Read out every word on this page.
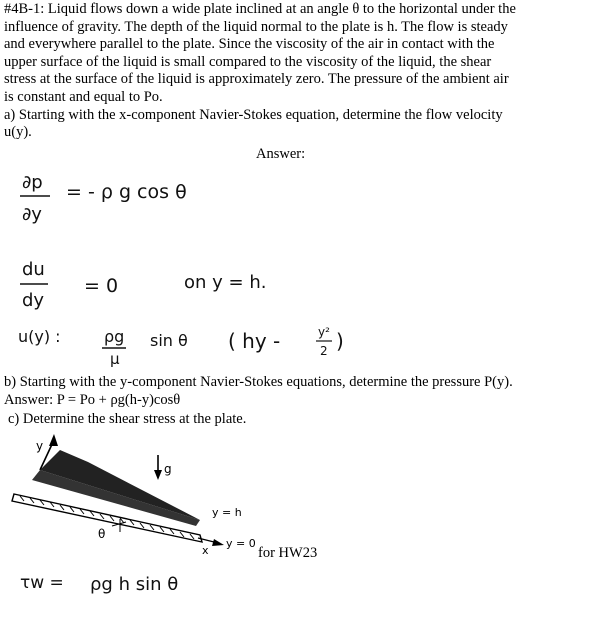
#4B-1: Liquid flows down a wide plate inclined at an angle θ to the horizontal under the

influence of gravity. The depth of the liquid normal to the plate is h. The flow is steady

and everywhere parallel to the plate. Since the viscosity of the air in contact with the

upper surface of the liquid is small compared to the viscosity of the liquid, the shear

stress at the surface of the liquid is approximately zero. The pressure of the ambient air

is constant and equal to Po.

a) Starting with the x-component Navier-Stokes equation, determine the flow velocity

u(y).

Answer:
∂p
∂y
= - ρ g cos θ
du
dy
= 0	on y = h.
u(y) :	ρg
μ
sin θ ( hy -	y²
2 )
τw = ρg h sin θ
y
x
θ
g
y = h
y = 0

b) Starting with the y-component Navier-Stokes equations, determine the pressure P(y).

Answer: P = Po + ρg(h-y)cosθ

c) Determine the shear stress at the plate.
for HW23
